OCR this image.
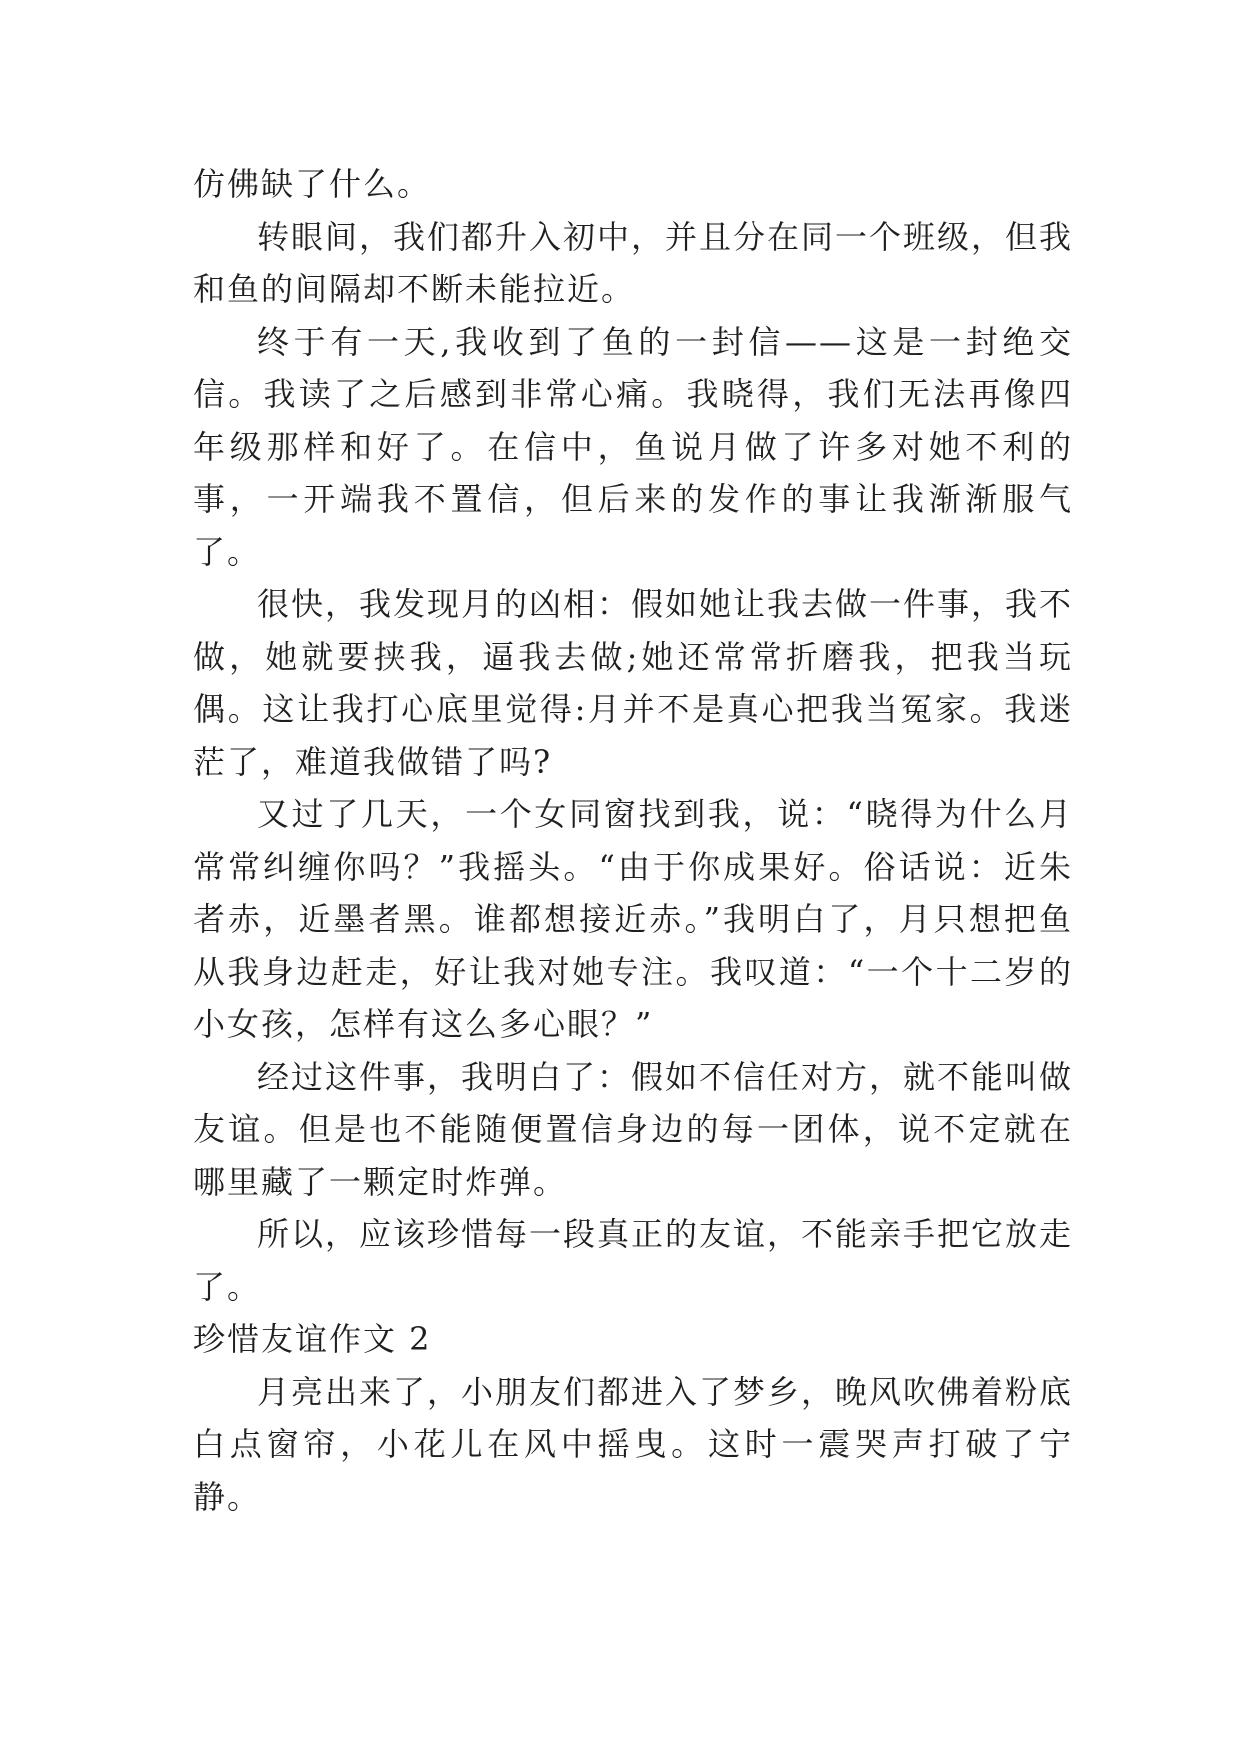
仿佛缺了什么。

转眼间，我们都升入初中，并且分在同一个班级，但我和鱼的间隔却不断未能拉近。

终于有一天,我收到了鱼的一封信——这是一封绝交信。我读了之后感到非常心痛。我晓得，我们无法再像四年级那样和好了。在信中，鱼说月做了许多对她不利的事，一开端我不置信，但后来的发作的事让我渐渐服气了。

很快，我发现月的凶相：假如她让我去做一件事，我不做，她就要挟我，逼我去做;她还常常折磨我，把我当玩偶。这让我打心底里觉得:月并不是真心把我当冤家。我迷茫了，难道我做错了吗?

又过了几天，一个女同窗找到我，说：“晓得为什么月常常纠缠你吗？”我摇头。“由于你成果好。俗话说：近朱者赤，近墨者黑。谁都想接近赤。”我明白了，月只想把鱼从我身边赶走，好让我对她专注。我叹道：“一个十二岁的小女孩，怎样有这么多心眼？”

经过这件事，我明白了：假如不信任对方，就不能叫做友谊。但是也不能随便置信身边的每一团体，说不定就在哪里藏了一颗定时炸弹。

所以，应该珍惜每一段真正的友谊，不能亲手把它放走了。

珍惜友谊作文 2

月亮出来了，小朋友们都进入了梦乡，晚风吹佛着粉底白点窗帘，小花儿在风中摇曳。这时一震哭声打破了宁静。
